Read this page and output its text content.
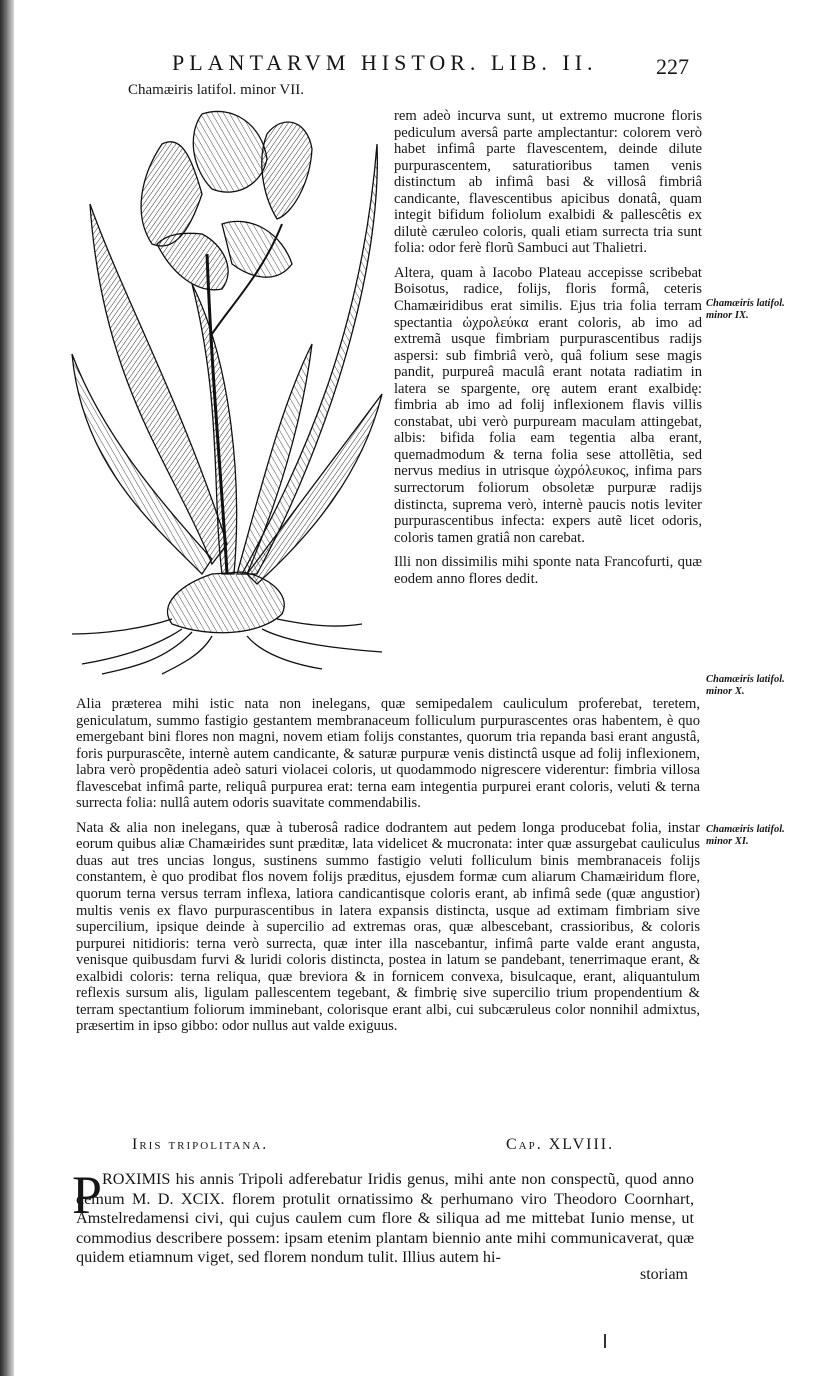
PLANTARVM HISTOR. LIB. II.	227
Chamæiris latifol. minor VII.
rem adeò incurva sunt, ut extremo mucrone floris pediculum aversâ parte amplectantur: colorem verò habet infimâ parte flavescentem, deinde dilute purpurascentem, saturatioribus tamen venis distinctum ab infimâ basi & villosâ fimbriâ candicante, flavescentibus apicibus donatâ, quam integit bifidum foliolum exalbidi & pallescêtis ex dilutè cæruleo coloris, quali etiam surrecta tria sunt folia: odor ferè florũ Sambuci aut Thalietri.
Altera, quam à Iacobo Plateau accepisse scribebat Boisotus, radice, folijs, floris formâ, ceteris Chamæiridibus erat similis. Ejus tria folia terram spectantia ὠχρολεύκα erant coloris, ab imo ad extremã usque fimbriam purpurascentibus radijs aspersi: sub fimbriâ verò, quâ folium sese magis pandit, purpureâ maculâ erant notata radiatim in latera se spargente, orę autem erant exalbidę: fimbria ab imo ad folij inflexionem flavis villis constabat, ubi verò purpuream maculam attingebat, albis: bifida folia eam tegentia alba erant, quemadmodum & terna folia sese attollẽtia, sed nervus medius in utrisque ὠχρόλευκος, infima pars surrectorum foliorum obsoletæ purpuræ radijs distincta, suprema verò, internè paucis notis leviter purpurascentibus infecta: expers autẽ licet odoris, coloris tamen gratiâ non carebat.
Illi non dissimilis mihi sponte nata Francofurti, quæ eodem anno flores dedit.
Alia præterea mihi istic nata non inelegans, quæ semipedalem cauliculum proferebat, teretem, geniculatum, summo fastigio gestantem membranaceum folliculum purpurascentes oras habentem, è quo emergebant bini flores non magni, novem etiam folijs constantes, quorum tria repanda basi erant angustâ, foris purpurascẽte, internè autem candicante, & saturæ purpuræ venis distinctâ usque ad folij inflexionem, labra verò propẽdentia adeò saturi violacei coloris, ut quodammodo nigrescere viderentur: fimbria villosa flavescebat infimâ parte, reliquâ purpurea erat: terna eam integentia purpurei erant coloris, veluti & terna surrecta folia: nullâ autem odoris suavitate commendabilis.
Nata & alia non inelegans, quæ à tuberosâ radice dodrantem aut pedem longa producebat folia, instar eorum quibus aliæ Chamæirides sunt præditæ, lata videlicet & mucronata: inter quæ assurgebat cauliculus duas aut tres uncias longus, sustinens summo fastigio veluti folliculum binis membranaceis folijs constantem, è quo prodibat flos novem folijs præditus, ejusdem formæ cum aliarum Chamæiridum flore, quorum terna versus terram inflexa, latiora candicantisque coloris erant, ab infimâ sede (quæ angustior) multis venis ex flavo purpurascentibus in latera expansis distincta, usque ad extimam fimbriam sive supercilium, ipsique deinde à supercilio ad extremas oras, quæ albescebant, crassioribus, & coloris purpurei nitidioris: terna verò surrecta, quæ inter illa nascebantur, infimâ parte valde erant angusta, venisque quibusdam furvi & luridi coloris distincta, postea in latum se pandebant, tenerrimaque erant, & exalbidi coloris: terna reliqua, quæ breviora & in fornicem convexa, bisulcaque, erant, aliquantulum reflexis sursum alis, ligulam pallescentem tegebant, & fimbrię sive supercilio trium propendentium & terram spectantium foliorum imminebant, colorisque erant albi, cui subcæruleus color nonnihil admixtus, præsertim in ipso gibbo: odor nullus aut valde exiguus.
Chamæiris latifol. minor IX.
Chamæiris latifol. minor X.
Chamæiris latifol. minor XI.
Iris tripolitana.	Cap. XLVIII.
P ROXIMIS his annis Tripoli adferebatur Iridis genus, mihi ante non conspectũ, quod anno demum M. D. XCIX. florem protulit ornatissimo & perhumano viro Theodoro Coornhart, Amstelredamensi civi, qui cujus caulem cum flore & siliqua ad me mittebat Iunio mense, ut commodius describere possem: ipsam etenim plantam biennio ante mihi communicaverat, quæ quidem etiamnum viget, sed florem nondum tulit. Illius autem hi-
storiam
